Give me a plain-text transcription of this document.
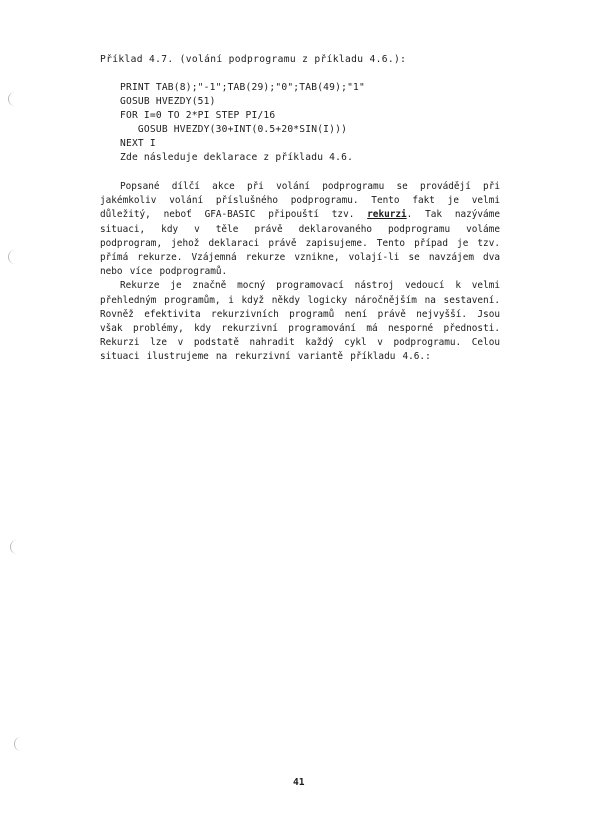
Příklad 4.7. (volání podprogramu z příkladu 4.6.):
PRINT TAB(8);"-1";TAB(29);"0";TAB(49);"1"
GOSUB HVEZDY(51)
FOR I=0 TO 2*PI STEP PI/16
GOSUB HVEZDY(30+INT(0.5+20*SIN(I)))
NEXT I
Zde následuje deklarace z příkladu 4.6.

Popsané dílčí akce při volání podprogramu se provádějí při jakémkoliv volání příslušného podprogramu. Tento fakt je velmi důležitý, neboť GFA-BASIC připouští tzv. rekurzi. Tak nazýváme situaci, kdy v těle právě deklarovaného podprogramu voláme podprogram, jehož deklaraci právě zapisujeme. Tento případ je tzv. přímá rekurze. Vzájemná rekurze vznikne, volají-li se navzájem dva nebo více podprogramů.

Rekurze je značně mocný programovací nástroj vedoucí k velmi přehledným programům, i když někdy logicky náročnějším na sestavení. Rovněž efektivita rekurzivních programů není právě nejvyšší. Jsou však problémy, kdy rekurzivní programování má nesporné přednosti. Rekurzi lze v podstatě nahradit každý cykl v podprogramu. Celou situaci ilustrujeme na rekurzivní variantě příkladu 4.6.:

41
